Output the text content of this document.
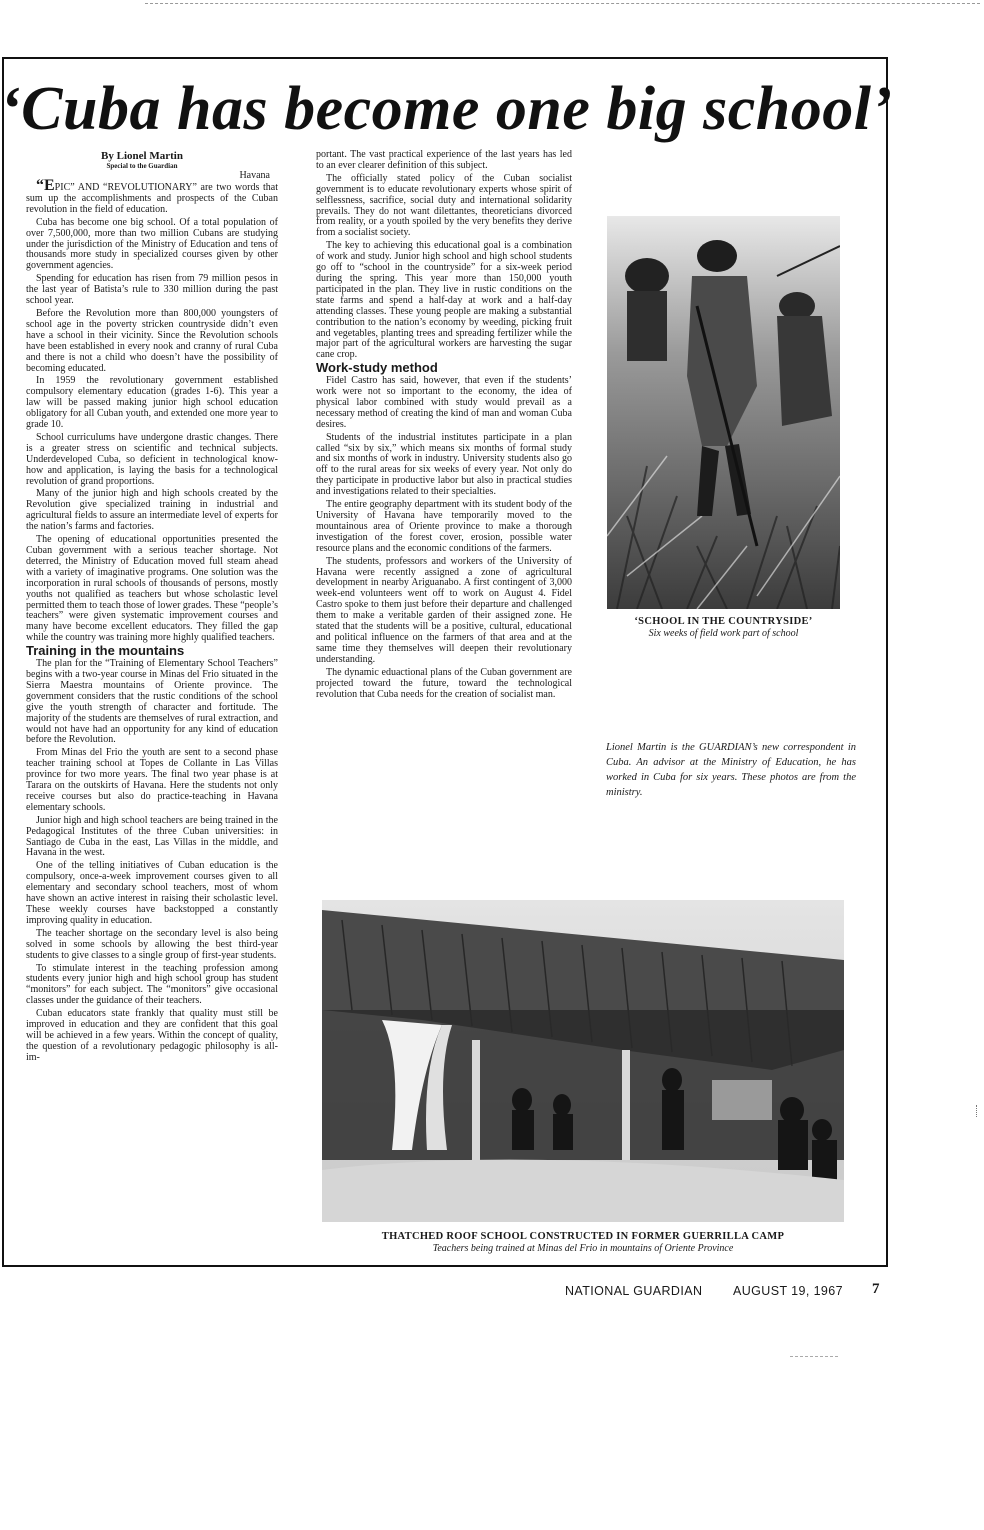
‘Cuba has become one big school’
By Lionel Martin
Special to the Guardian
Havana

“EPIC” AND “REVOLUTIONARY” are two words that sum up the accomplishments and prospects of the Cuban revolution in the field of education.

Cuba has become one big school. Of a total population of over 7,500,000, more than two million Cubans are studying under the jurisdiction of the Ministry of Education and tens of thousands more study in specialized courses given by other government agencies.

Spending for education has risen from 79 million pesos in the last year of Batista’s rule to 330 million during the past school year.

Before the Revolution more than 800,000 youngsters of school age in the poverty stricken countryside didn’t even have a school in their vicinity. Since the Revolution schools have been established in every nook and cranny of rural Cuba and there is not a child who doesn’t have the possibility of becoming educated.

In 1959 the revolutionary government established compulsory elementary education (grades 1-6). This year a law will be passed making junior high school education obligatory for all Cuban youth, and extended one more year to grade 10.

School curriculums have undergone drastic changes. There is a greater stress on scientific and technical subjects. Underdeveloped Cuba, so deficient in technological know-how and application, is laying the basis for a technological revolution of grand proportions.

Many of the junior high and high schools created by the Revolution give specialized training in industrial and agricultural fields to assure an intermediate level of experts for the nation’s farms and factories.

The opening of educational opportunities presented the Cuban government with a serious teacher shortage. Not deterred, the Ministry of Education moved full steam ahead with a variety of imaginative programs. One solution was the incorporation in rural schools of thousands of persons, mostly youths not qualified as teachers but whose scholastic level permitted them to teach those of lower grades. These “people’s teachers” were given systematic improvement courses and many have become excellent educators. They filled the gap while the country was training more highly qualified teachers.

Training in the mountains

The plan for the “Training of Elementary School Teachers” begins with a two-year course in Minas del Frio situated in the Sierra Maestra mountains of Oriente province. The government considers that the rustic conditions of the school give the youth strength of character and fortitude. The majority of the students are themselves of rural extraction, and would not have had an opportunity for any kind of education before the Revolution.

From Minas del Frio the youth are sent to a second phase teacher training school at Topes de Collante in Las Villas province for two more years. The final two year phase is at Tarara on the outskirts of Havana. Here the students not only receive courses but also do practice-teaching in Havana elementary schools.

Junior high and high school teachers are being trained in the Pedagogical Institutes of the three Cuban universities: in Santiago de Cuba in the east, Las Villas in the middle, and Havana in the west.

One of the telling initiatives of Cuban education is the compulsory, once-a-week improvement courses given to all elementary and secondary school teachers, most of whom have shown an active interest in raising their scholastic level. These weekly courses have backstopped a constantly improving quality in education.

The teacher shortage on the secondary level is also being solved in some schools by allowing the best third-year students to give classes to a single group of first-year students.

To stimulate interest in the teaching profession among students every junior high and high school group has student “monitors” for each subject. The “monitors” give occasional classes under the guidance of their teachers.

Cuban educators state frankly that quality must still be improved in education and they are confident that this goal will be achieved in a few years. Within the concept of quality, the question of a revolutionary pedagogic philosophy is all-im-

portant. The vast practical experience of the last years has led to an ever clearer definition of this subject.

The officially stated policy of the Cuban socialist government is to educate revolutionary experts whose spirit of selflessness, sacrifice, social duty and international solidarity prevails. They do not want dilettantes, theoreticians divorced from reality, or a youth spoiled by the very benefits they derive from a socialist society.

The key to achieving this educational goal is a combination of work and study. Junior high school and high school students go off to “school in the countryside” for a six-week period during the spring. This year more than 150,000 youth participated in the plan. They live in rustic conditions on the state farms and spend a half-day at work and a half-day attending classes. These young people are making a substantial contribution to the nation’s economy by weeding, picking fruit and vegetables, planting trees and spreading fertilizer while the major part of the agricultural workers are harvesting the sugar cane crop.

Work-study method

Fidel Castro has said, however, that even if the students’ work were not so important to the economy, the idea of physical labor combined with study would prevail as a necessary method of creating the kind of man and woman Cuba desires.

Students of the industrial institutes participate in a plan called “six by six,” which means six months of formal study and six months of work in industry. University students also go off to the rural areas for six weeks of every year. Not only do they participate in productive labor but also in practical studies and investigations related to their specialties.

The entire geography department with its student body of the University of Havana have temporarily moved to the mountainous area of Oriente province to make a thorough investigation of the forest cover, erosion, possible water resource plans and the economic conditions of the farmers.

The students, professors and workers of the University of Havana were recently assigned a zone of agricultural development in nearby Ariguanabo. A first contingent of 3,000 week-end volunteers went off to work on August 4. Fidel Castro spoke to them just before their departure and challenged them to make a veritable garden of their assigned zone. He stated that the students will be a positive, cultural, educational and political influence on the farmers of that area and at the same time they themselves will deepen their revolutionary understanding.

The dynamic eduactional plans of the Cuban government are projected toward the future, toward the technological revolution that Cuba needs for the creation of socialist man.

‘SCHOOL IN THE COUNTRYSIDE’
Six weeks of field work part of school
Lionel Martin is the GUARDIAN’s new correspondent in Cuba. An advisor at the Ministry of Education, he has worked in Cuba for six years. These photos are from the ministry.
THATCHED ROOF SCHOOL CONSTRUCTED IN FORMER GUERRILLA CAMP
Teachers being trained at Minas del Frio in mountains of Oriente Province
NATIONAL GUARDIAN AUGUST 19, 1967 7
